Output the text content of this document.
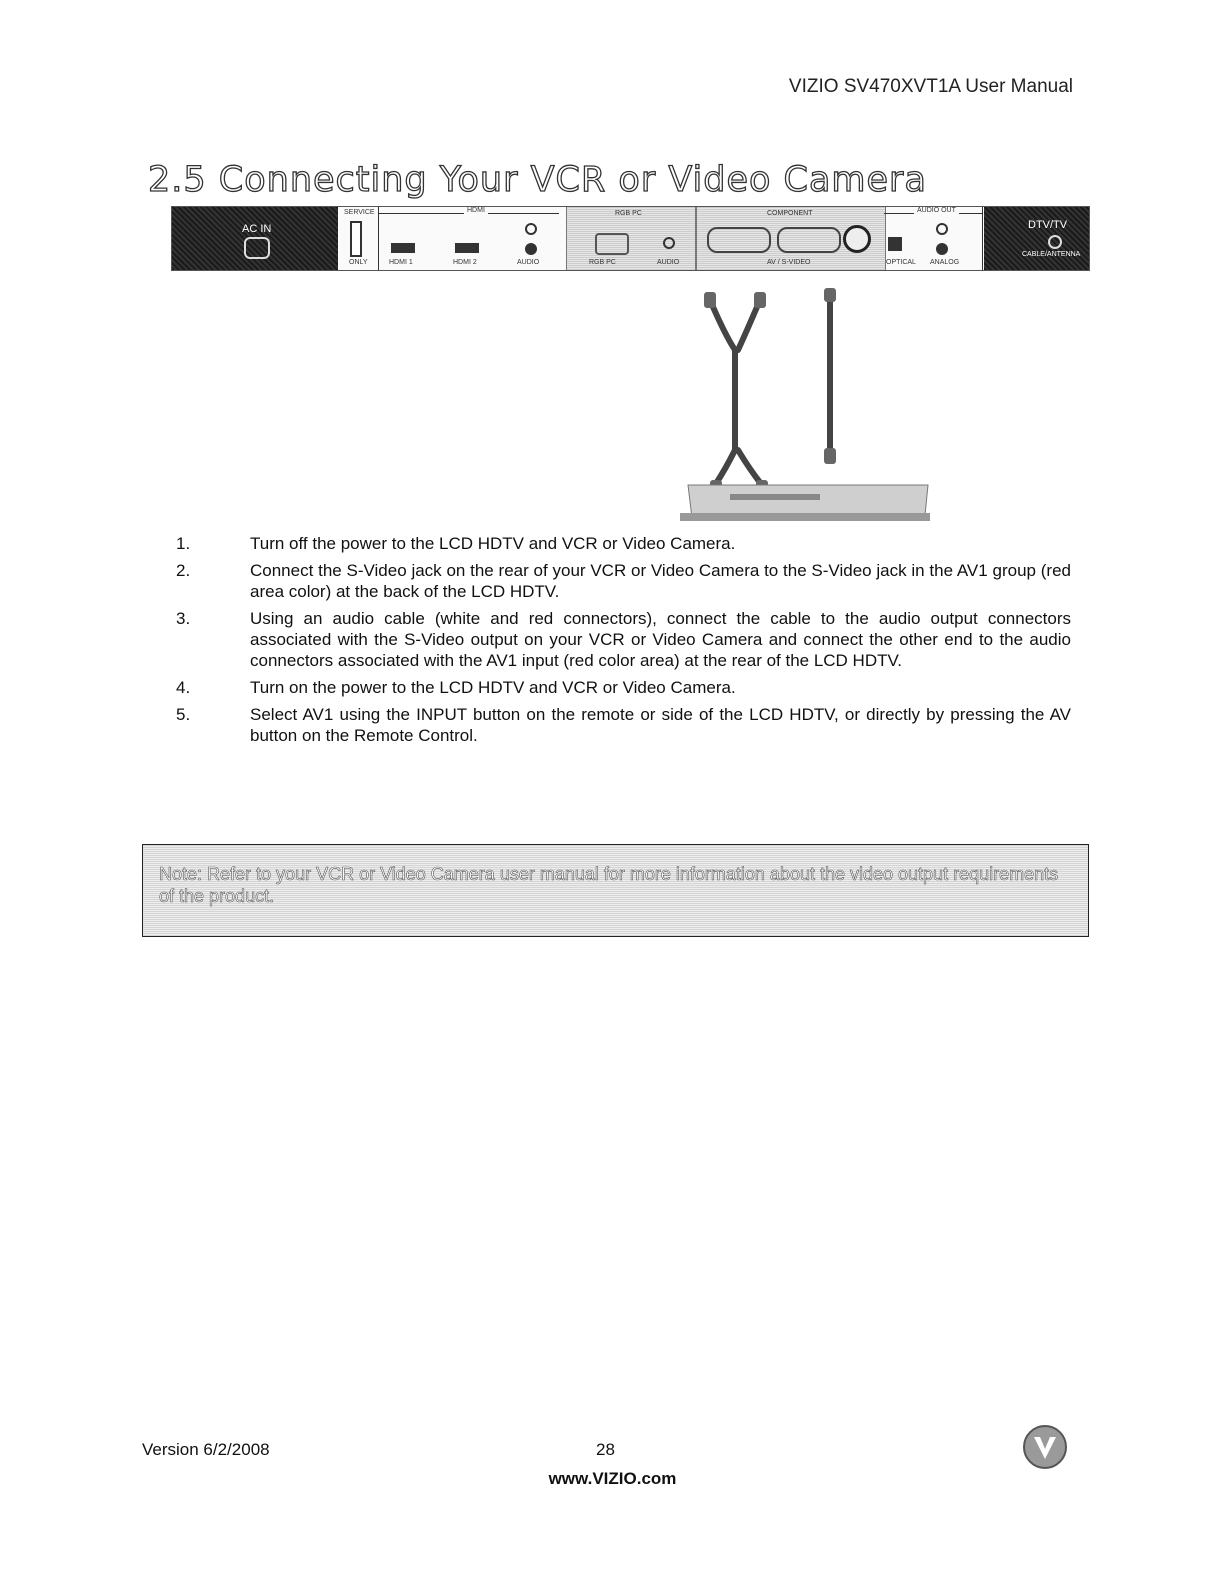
VIZIO SV470XVT1A User Manual
2.5 Connecting Your VCR or Video Camera
AC IN
SERVICE
ONLY
HDMI
HDMI 1	HDMI 2	AUDIO
RGB PC
RGB PC	AUDIO
COMPONENT
AV / S-VIDEO
AUDIO OUT
OPTICAL ANALOG
DTV/TV
CABLE/ANTENNA
1.	Turn off the power to the LCD HDTV and VCR or Video Camera.
2.	Connect the S-Video jack on the rear of your VCR or Video Camera to the S-Video jack in the AV1 group (red area color) at the back of the LCD HDTV.
3.	Using an audio cable (white and red connectors), connect the cable to the audio output connectors associated with the S-Video output on your VCR or Video Camera and connect the other end to the audio connectors associated with the AV1 input (red color area) at the rear of the LCD HDTV.
4.	Turn on the power to the LCD HDTV and VCR or Video Camera.
5.	Select AV1 using the INPUT button on the remote or side of the LCD HDTV, or directly by pressing the AV button on the Remote Control.
Note: Refer to your VCR or Video Camera user manual for more information about the video output requirements of the product.
Version 6/2/2008	28
www.VIZIO.com
